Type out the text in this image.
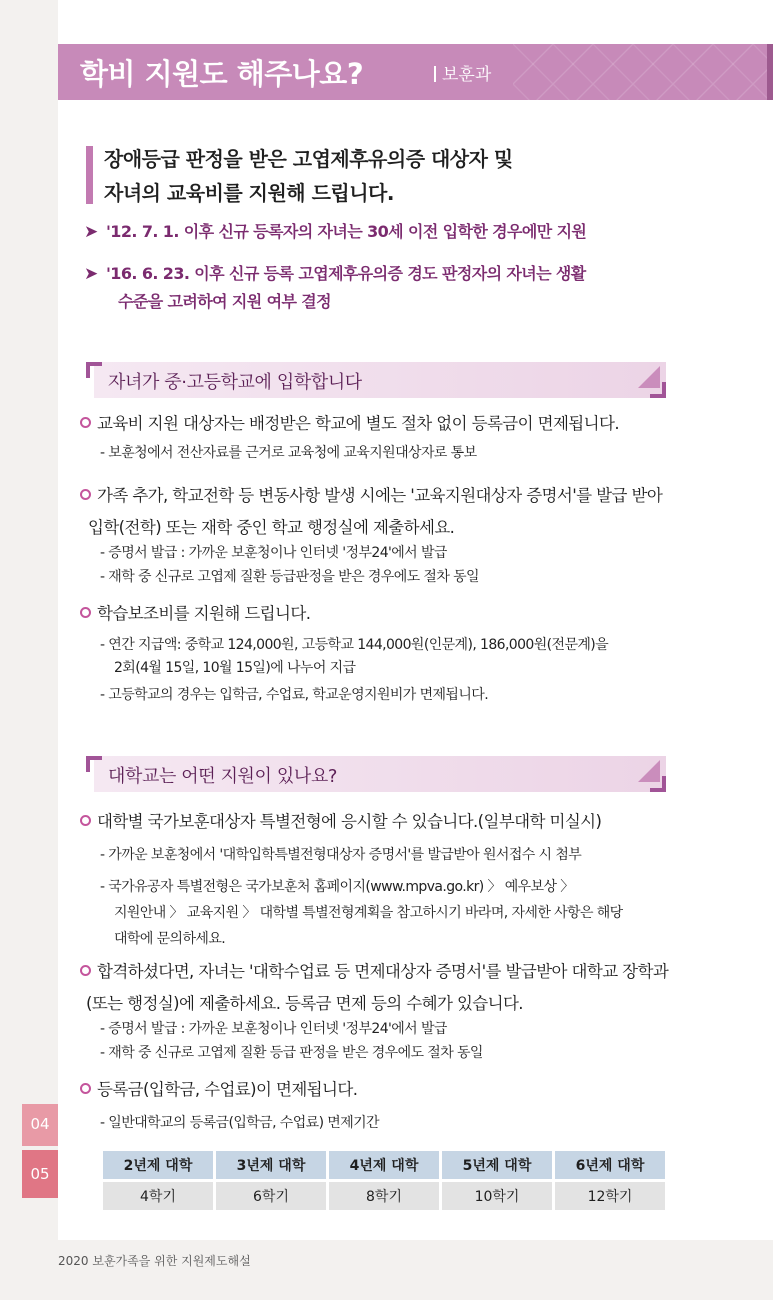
학비 지원도 해주나요?	보훈과
장애등급 판정을 받은 고엽제후유의증 대상자 및
자녀의 교육비를 지원해 드립니다.
➤ '12. 7. 1. 이후 신규 등록자의 자녀는 30세 이전 입학한 경우에만 지원
➤ '16. 6. 23. 이후 신규 등록 고엽제후유의증 경도 판정자의 자녀는 생활
수준을 고려하여 지원 여부 결정
자녀가 중·고등학교에 입학합니다
교육비 지원 대상자는 배정받은 학교에 별도 절차 없이 등록금이 면제됩니다.
- 보훈청에서 전산자료를 근거로 교육청에 교육지원대상자로 통보
가족 추가, 학교전학 등 변동사항 발생 시에는 '교육지원대상자 증명서'를 발급 받아
입학(전학) 또는 재학 중인 학교 행정실에 제출하세요.
- 증명서 발급 : 가까운 보훈청이나 인터넷 '정부24'에서 발급
- 재학 중 신규로 고엽제 질환 등급판정을 받은 경우에도 절차 동일
학습보조비를 지원해 드립니다.
- 연간 지급액: 중학교 124,000원, 고등학교 144,000원(인문계), 186,000원(전문계)을
2회(4월 15일, 10월 15일)에 나누어 지급
- 고등학교의 경우는 입학금, 수업료, 학교운영지원비가 면제됩니다.
대학교는 어떤 지원이 있나요?
대학별 국가보훈대상자 특별전형에 응시할 수 있습니다.(일부대학 미실시)
- 가까운 보훈청에서 '대학입학특별전형대상자 증명서'를 발급받아 원서접수 시 첨부
- 국가유공자 특별전형은 국가보훈처 홈페이지(www.mpva.go.kr) 〉 예우보상 〉
지원안내 〉 교육지원 〉 대학별 특별전형계획을 참고하시기 바라며, 자세한 사항은 해당
대학에 문의하세요.
합격하셨다면, 자녀는 '대학수업료 등 면제대상자 증명서'를 발급받아 대학교 장학과
(또는 행정실)에 제출하세요. 등록금 면제 등의 수혜가 있습니다.
- 증명서 발급 : 가까운 보훈청이나 인터넷 '정부24'에서 발급
- 재학 중 신규로 고엽제 질환 등급 판정을 받은 경우에도 절차 동일
등록금(입학금, 수업료)이 면제됩니다.
- 일반대학교의 등록금(입학금, 수업료) 면제기간
2년제 대학	3년제 대학	4년제 대학	5년제 대학	6년제 대학
4학기	6학기	8학기	10학기	12학기
04
05
2020 보훈가족을 위한 지원제도해설
